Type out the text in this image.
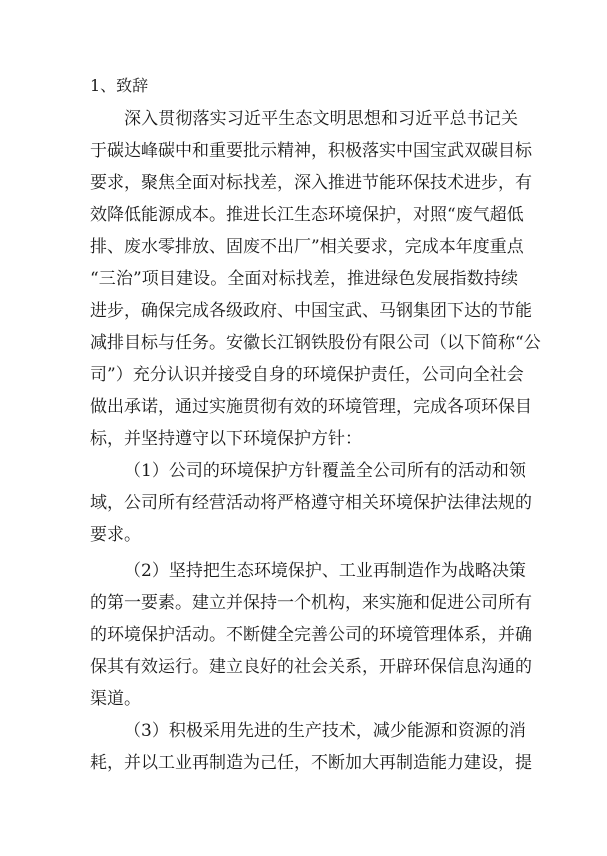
1、致辞
深入贯彻落实习近平生态文明思想和习近平总书记关
于碳达峰碳中和重要批示精神，积极落实中国宝武双碳目标
要求，聚焦全面对标找差，深入推进节能环保技术进步，有
效降低能源成本。推进长江生态环境保护，对照“废气超低
排、废水零排放、固废不出厂”相关要求，完成本年度重点
“三治”项目建设。全面对标找差，推进绿色发展指数持续
进步，确保完成各级政府、中国宝武、马钢集团下达的节能
减排目标与任务。安徽长江钢铁股份有限公司（以下简称“公
司”）充分认识并接受自身的环境保护责任，公司向全社会
做出承诺，通过实施贯彻有效的环境管理，完成各项环保目
标，并坚持遵守以下环境保护方针：
（1）公司的环境保护方针覆盖全公司所有的活动和领
域，公司所有经营活动将严格遵守相关环境保护法律法规的
要求。
（2）坚持把生态环境保护、工业再制造作为战略决策
的第一要素。建立并保持一个机构，来实施和促进公司所有
的环境保护活动。不断健全完善公司的环境管理体系，并确
保其有效运行。建立良好的社会关系，开辟环保信息沟通的
渠道。
（3）积极采用先进的生产技术，减少能源和资源的消
耗，并以工业再制造为己任，不断加大再制造能力建设，提
